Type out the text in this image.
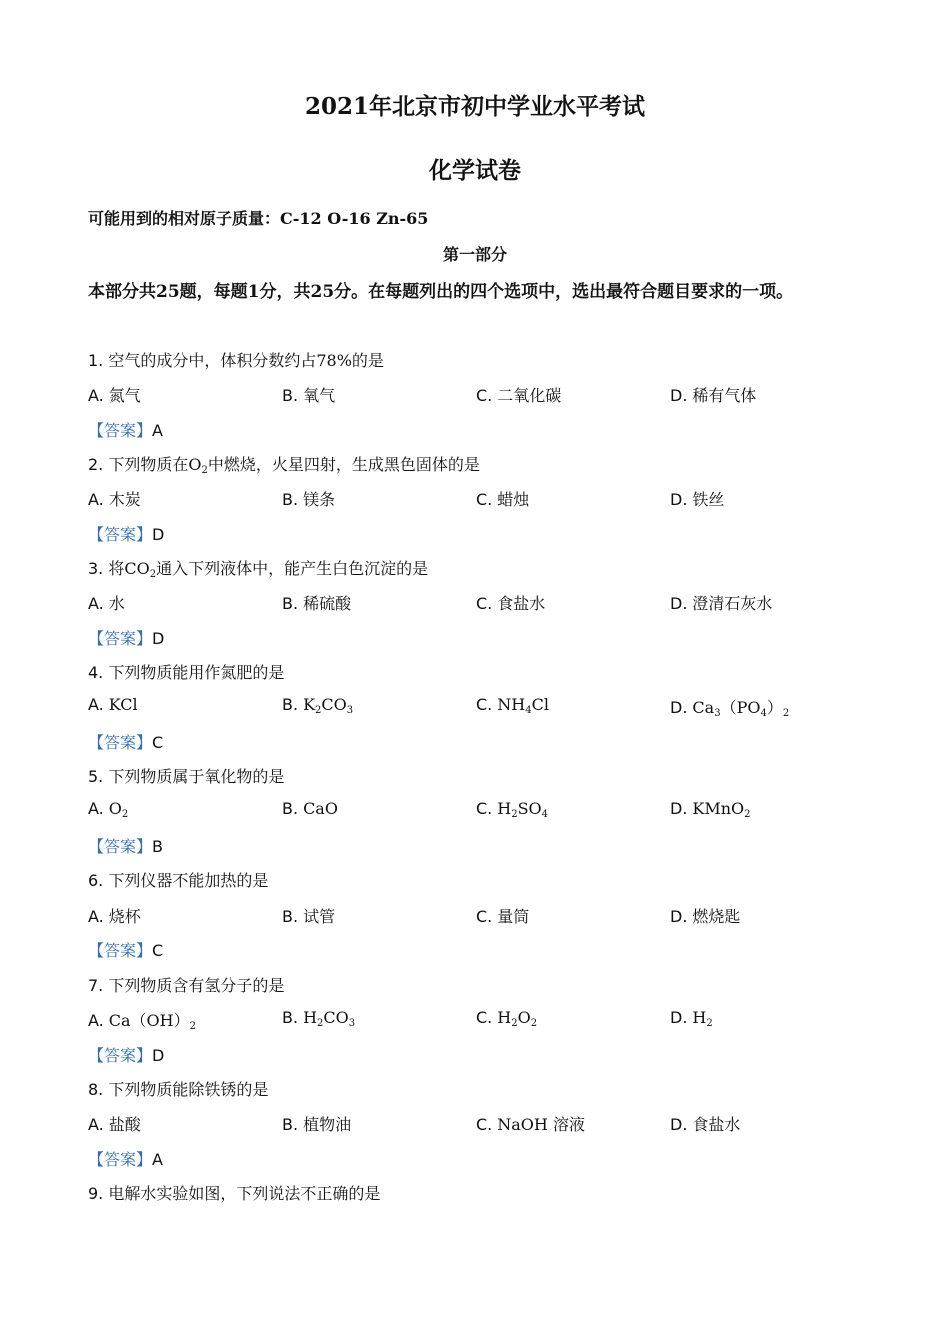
2021年北京市初中学业水平考试
化学试卷
可能用到的相对原子质量：C-12 O-16 Zn-65
第一部分
本部分共25题，每题1分，共25分。在每题列出的四个选项中，选出最符合题目要求的一项。
1. 空气的成分中，体积分数约占78%的是
A. 氮气	B. 氧气	C. 二氧化碳	D. 稀有气体
【答案】A
2. 下列物质在$O_2$中燃烧，火星四射，生成黑色固体的是
A. 木炭	B. 镁条	C. 蜡烛	D. 铁丝
【答案】D
3. 将$CO_2$通入下列液体中，能产生白色沉淀的是
A. 水	B. 稀硫酸	C. 食盐水	D. 澄清石灰水
【答案】D
4. 下列物质能用作氮肥的是
A. KCl	B. $K_2CO_3$	C. $NH_4Cl$	D. $Ca_3(PO_4)_2$
【答案】C
5. 下列物质属于氧化物的是
A. $O_2$	B. CaO	C. $H_2SO_4$	D. KMnO$_2$
【答案】B
6. 下列仪器不能加热的是
A. 烧杯	B. 试管	C. 量筒	D. 燃烧匙
【答案】C
7. 下列物质含有氢分子的是
A. $Ca(OH)_2$	B. $H_2CO_3$	C. $H_2O_2$	D. $H_2$
【答案】D
8. 下列物质能除铁锈的是
A. 盐酸	B. 植物油	C. NaOH 溶液	D. 食盐水
【答案】A
9. 电解水实验如图，下列说法不正确的是
